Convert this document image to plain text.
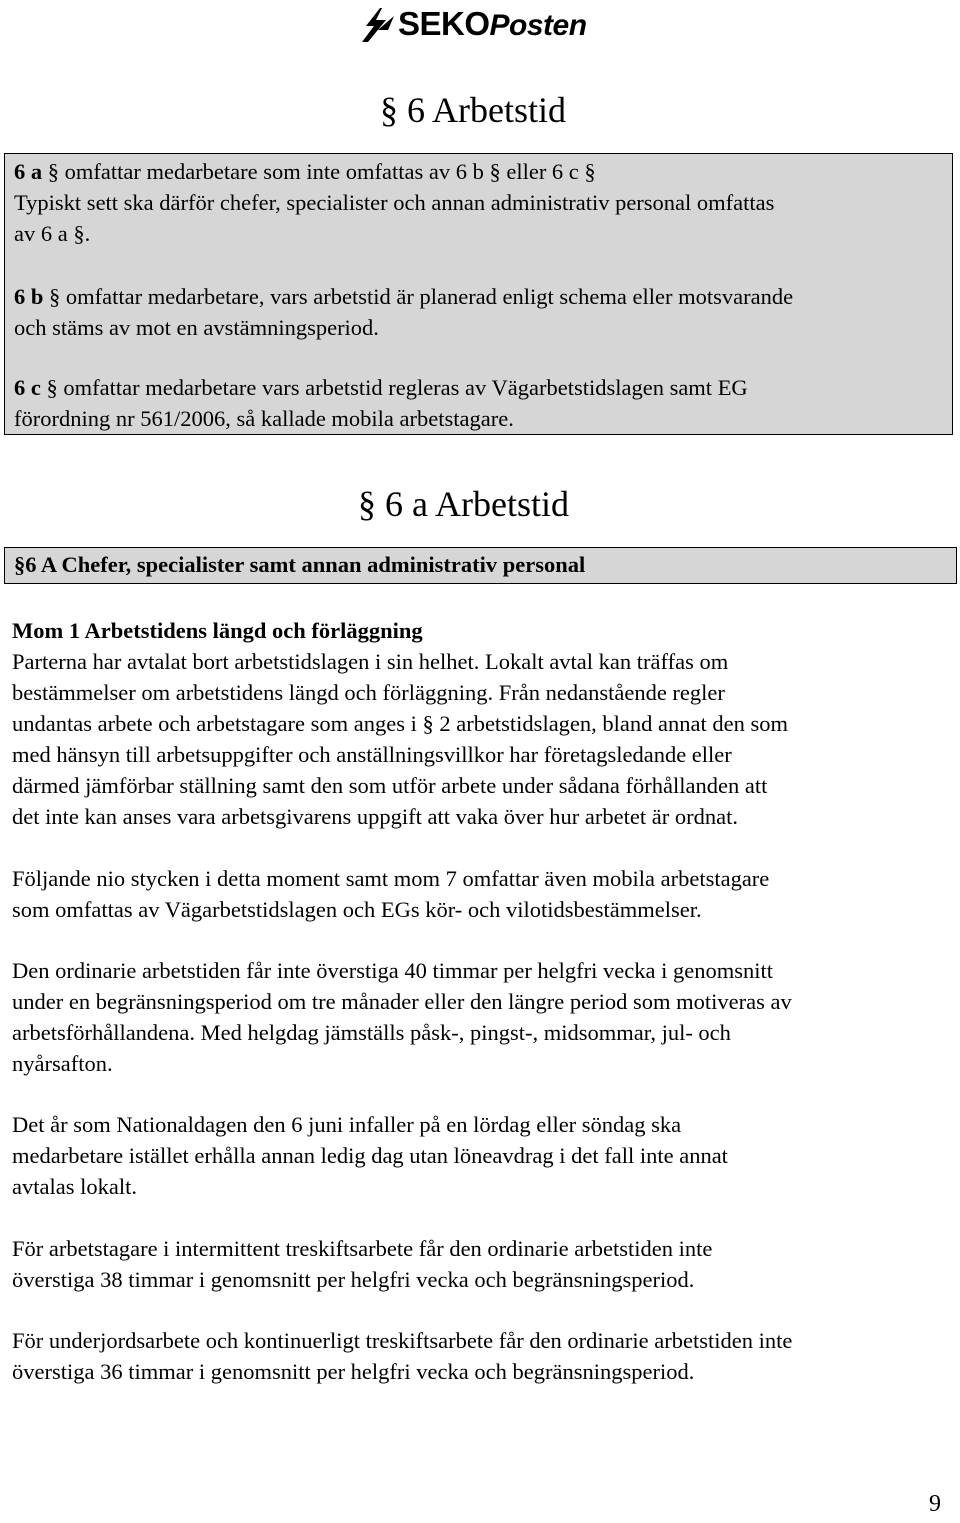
SEKOPosten
§ 6 Arbetstid
6 a § omfattar medarbetare som inte omfattas av 6 b § eller 6 c §
Typiskt sett ska därför chefer, specialister och annan administrativ personal omfattas
av 6 a §.
6 b § omfattar medarbetare, vars arbetstid är planerad enligt schema eller motsvarande
och stäms av mot en avstämningsperiod.
6 c § omfattar medarbetare vars arbetstid regleras av Vägarbetstidslagen samt EG
förordning nr 561/2006, så kallade mobila arbetstagare.
§ 6 a Arbetstid
§6 A Chefer, specialister samt annan administrativ personal
Mom 1 Arbetstidens längd och förläggning
Parterna har avtalat bort arbetstidslagen i sin helhet. Lokalt avtal kan träffas om
bestämmelser om arbetstidens längd och förläggning. Från nedanstående regler
undantas arbete och arbetstagare som anges i § 2 arbetstidslagen, bland annat den som
med hänsyn till arbetsuppgifter och anställningsvillkor har företagsledande eller
därmed jämförbar ställning samt den som utför arbete under sådana förhållanden att
det inte kan anses vara arbetsgivarens uppgift att vaka över hur arbetet är ordnat.
Följande nio stycken i detta moment samt mom 7 omfattar även mobila arbetstagare
som omfattas av Vägarbetstidslagen och EGs kör- och vilotidsbestämmelser.
Den ordinarie arbetstiden får inte överstiga 40 timmar per helgfri vecka i genomsnitt
under en begränsningsperiod om tre månader eller den längre period som motiveras av
arbetsförhållandena. Med helgdag jämställs påsk-, pingst-, midsommar, jul- och
nyårsafton.
Det år som Nationaldagen den 6 juni infaller på en lördag eller söndag ska
medarbetare istället erhålla annan ledig dag utan löneavdrag i det fall inte annat
avtalas lokalt.
För arbetstagare i intermittent treskiftsarbete får den ordinarie arbetstiden inte
överstiga 38 timmar i genomsnitt per helgfri vecka och begränsningsperiod.
För underjordsarbete och kontinuerligt treskiftsarbete får den ordinarie arbetstiden inte
överstiga 36 timmar i genomsnitt per helgfri vecka och begränsningsperiod.
9
